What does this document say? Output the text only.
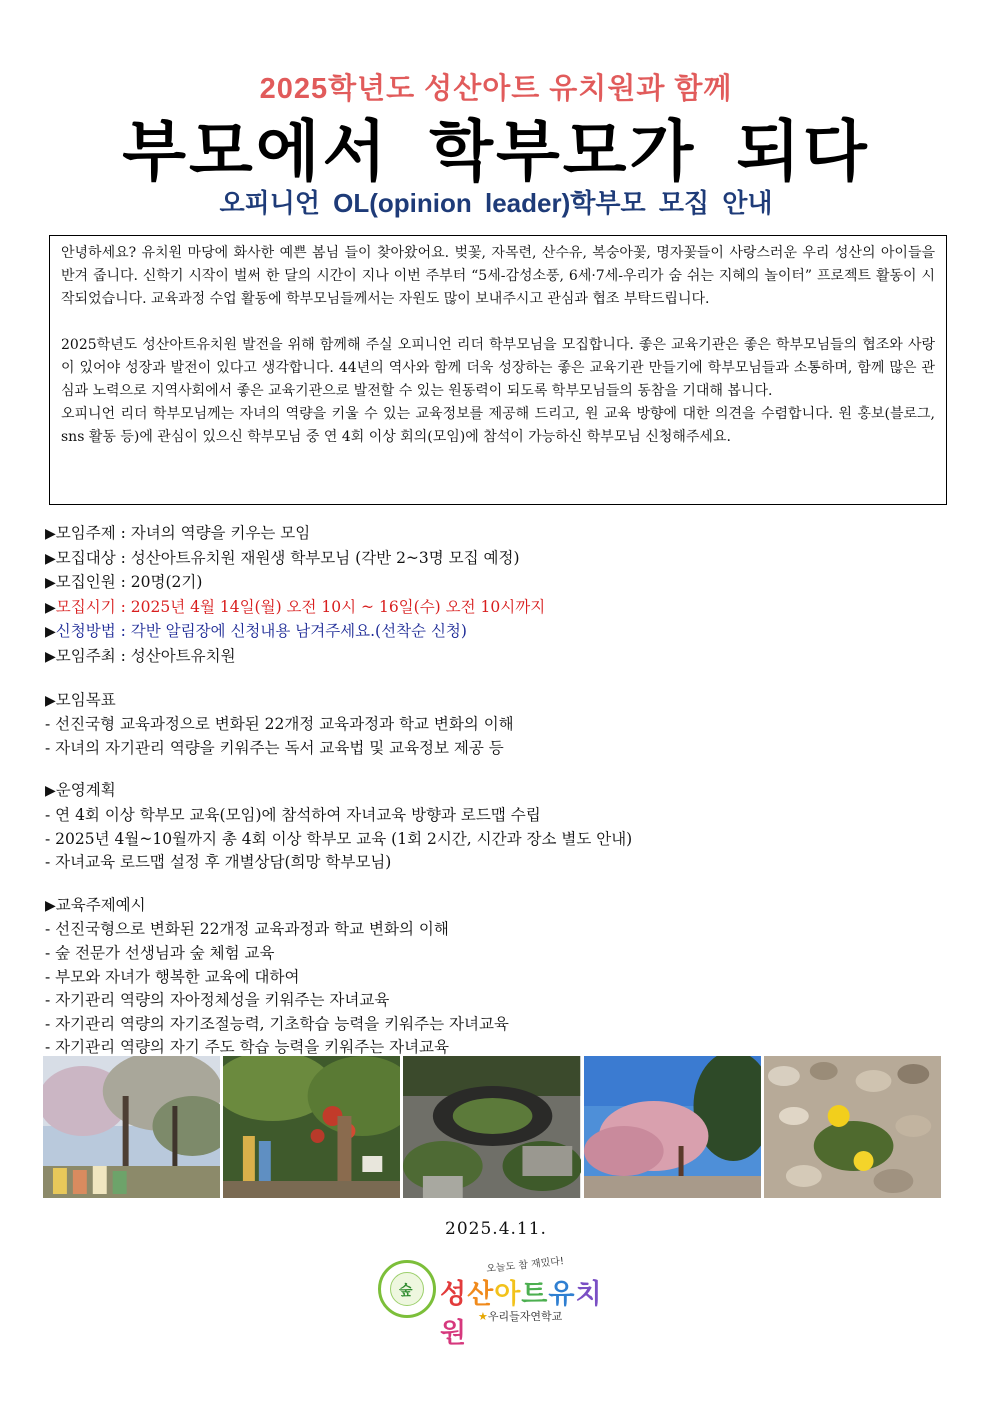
2025학년도 성산아트 유치원과 함께
부모에서 학부모가 되다
오피니언 OL(opinion leader)학부모 모집 안내

안녕하세요? 유치원 마당에 화사한 예쁜 봄님 들이 찾아왔어요. 벚꽃, 자목련, 산수유, 복숭아꽃, 명자꽃들이 사랑스러운 우리 성산의 아이들을 반겨 줍니다. 신학기 시작이 벌써 한 달의 시간이 지나 이번 주부터 “5세-감성소풍, 6세·7세-우리가 숨 쉬는 지혜의 놀이터” 프로젝트 활동이 시작되었습니다. 교육과정 수업 활동에 학부모님들께서는 자원도 많이 보내주시고 관심과 협조 부탁드립니다.

2025학년도 성산아트유치원 발전을 위해 함께해 주실 오피니언 리더 학부모님을 모집합니다. 좋은 교육기관은 좋은 학부모님들의 협조와 사랑이 있어야 성장과 발전이 있다고 생각합니다. 44년의 역사와 함께 더욱 성장하는 좋은 교육기관 만들기에 학부모님들과 소통하며, 함께 많은 관심과 노력으로 지역사회에서 좋은 교육기관으로 발전할 수 있는 원동력이 되도록 학부모님들의 동참을 기대해 봅니다.

오피니언 리더 학부모님께는 자녀의 역량을 키울 수 있는 교육정보를 제공해 드리고, 원 교육 방향에 대한 의견을 수렴합니다. 원 홍보(블로그, sns 활동 등)에 관심이 있으신 학부모님 중 연 4회 이상 회의(모임)에 참석이 가능하신 학부모님 신청해주세요.

▶모임주제 : 자녀의 역량을 키우는 모임
▶모집대상 : 성산아트유치원 재원생 학부모님 (각반 2~3명 모집 예정)
▶모집인원 : 20명(2기)
▶모집시기 : 2025년 4월 14일(월) 오전 10시 ~ 16일(수) 오전 10시까지
▶신청방법 : 각반 알림장에 신청내용 남겨주세요.(선착순 신청)
▶모임주최 : 성산아트유치원
▶모임목표
- 선진국형 교육과정으로 변화된 22개정 교육과정과 학교 변화의 이해
- 자녀의 자기관리 역량을 키워주는 독서 교육법 및 교육정보 제공 등
▶운영계획
- 연 4회 이상 학부모 교육(모임)에 참석하여 자녀교육 방향과 로드맵 수립
- 2025년 4월~10월까지 총 4회 이상 학부모 교육 (1회 2시간, 시간과 장소 별도 안내)
- 자녀교육 로드맵 설정 후 개별상담(희망 학부모님)
▶교육주제예시
- 선진국형으로 변화된 22개정 교육과정과 학교 변화의 이해
- 숲 전문가 선생님과 숲 체험 교육
- 부모와 자녀가 행복한 교육에 대하여
- 자기관리 역량의 자아정체성을 키워주는 자녀교육
- 자기관리 역량의 자기조절능력, 기초학습 능력을 키워주는 자녀교육
- 자기관리 역량의 자기 주도 학습 능력을 키워주는 자녀교육
2025.4.11.
숲
오늘도 참 재밌다!
성산아트유치원
★우리들자연학교
